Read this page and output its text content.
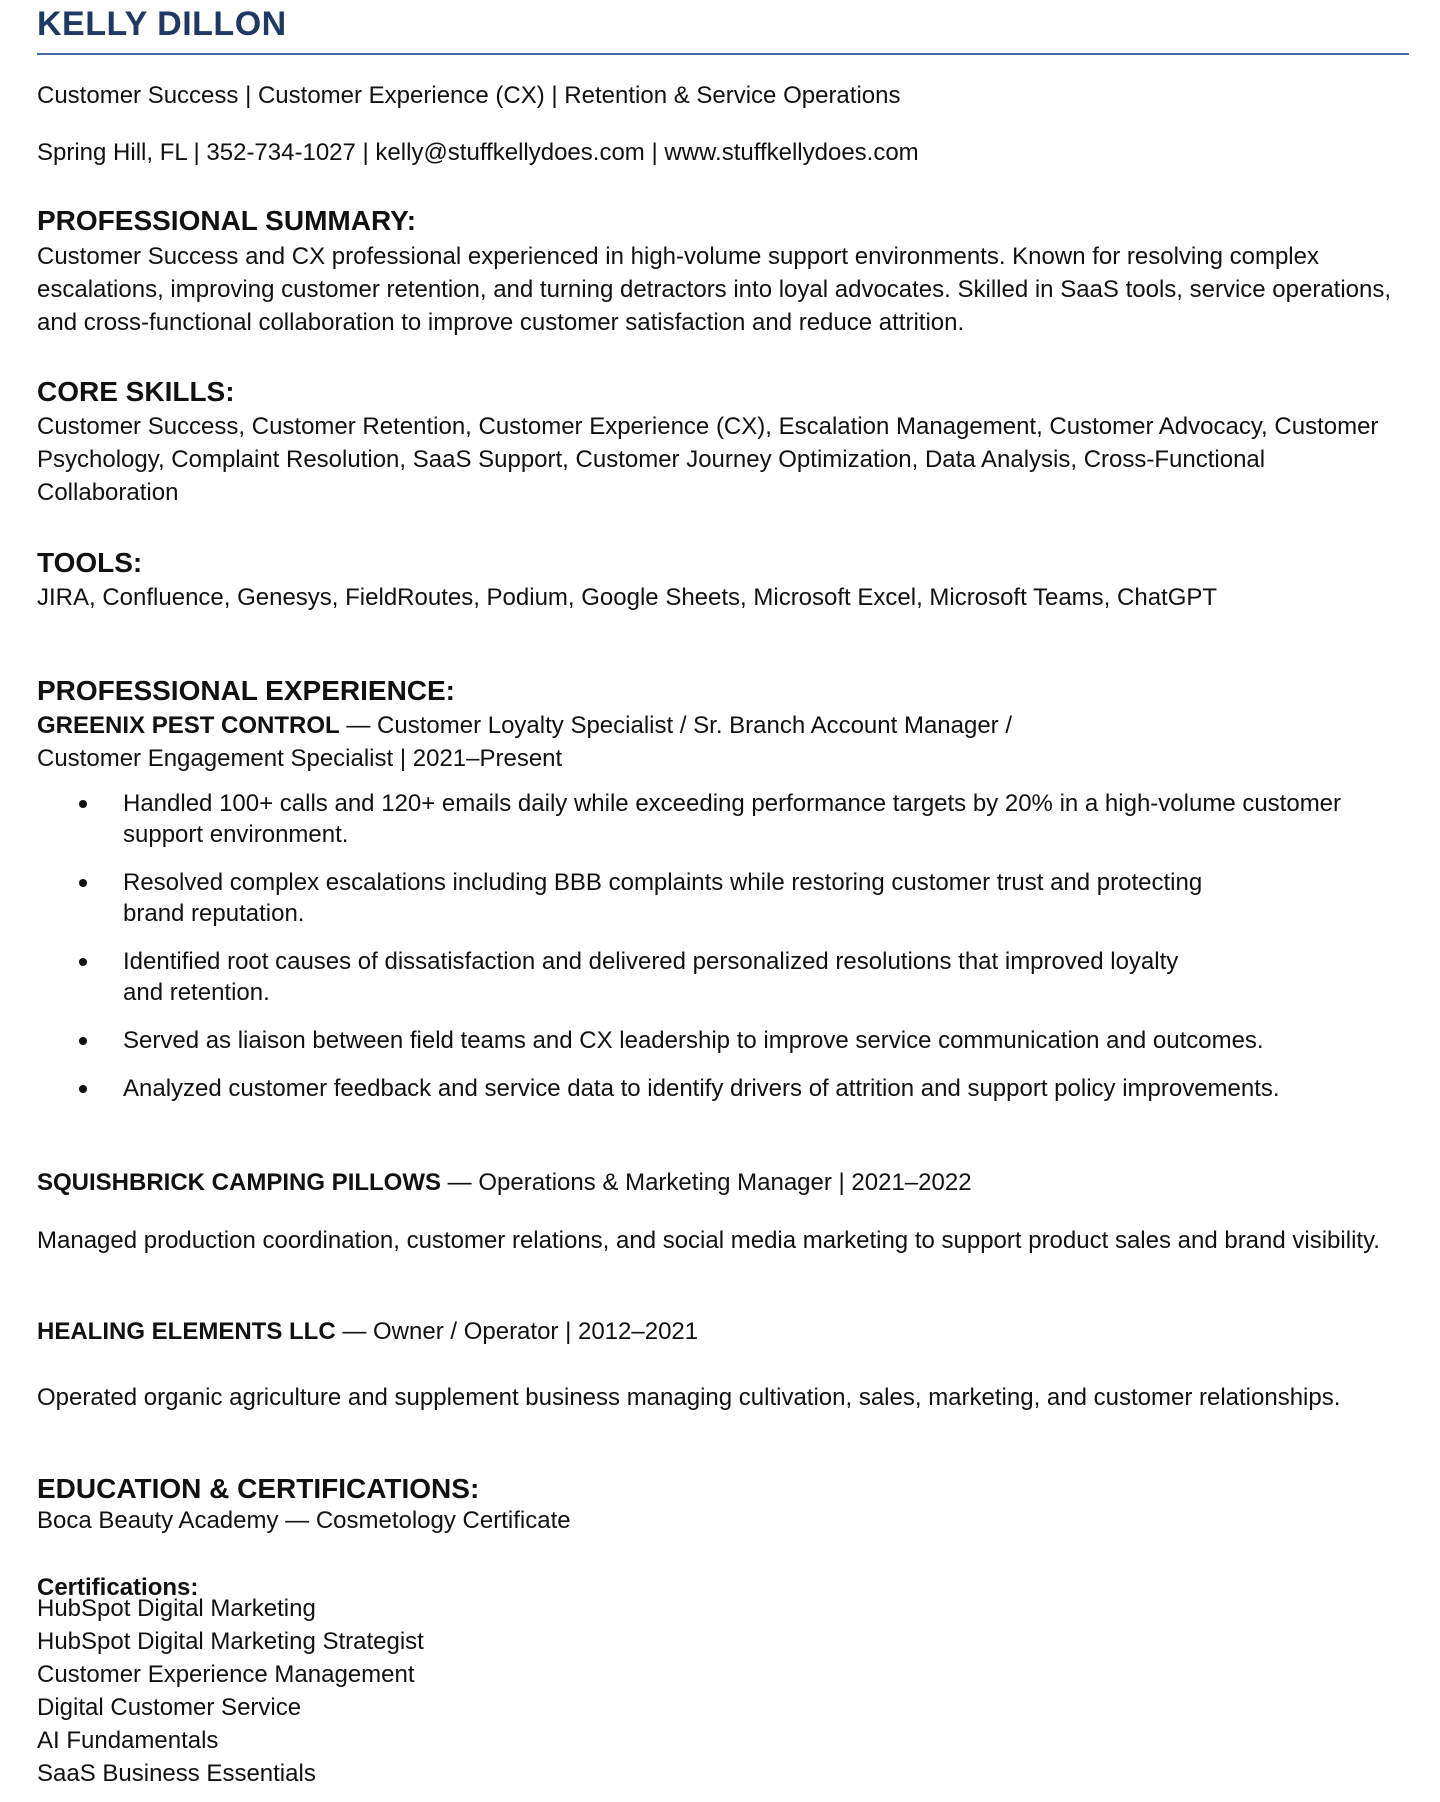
KELLY DILLON

Customer Success | Customer Experience (CX) | Retention & Service Operations

Spring Hill, FL | 352-734-1027 | kelly@stuffkellydoes.com | www.stuffkellydoes.com

PROFESSIONAL SUMMARY:

Customer Success and CX professional experienced in high-volume support environments. Known for resolving complex escalations, improving customer retention, and turning detractors into loyal advocates. Skilled in SaaS tools, service operations, and cross-functional collaboration to improve customer satisfaction and reduce attrition.

CORE SKILLS:

Customer Success, Customer Retention, Customer Experience (CX), Escalation Management, Customer Advocacy, Customer Psychology, Complaint Resolution, SaaS Support, Customer Journey Optimization, Data Analysis, Cross-Functional Collaboration

TOOLS:

JIRA, Confluence, Genesys, FieldRoutes, Podium, Google Sheets, Microsoft Excel, Microsoft Teams, ChatGPT

PROFESSIONAL EXPERIENCE:

GREENIX PEST CONTROL — Customer Loyalty Specialist / Sr. Branch Account Manager / Customer Engagement Specialist | 2021–Present

Handled 100+ calls and 120+ emails daily while exceeding performance targets by 20% in a high-volume customer support environment.
Resolved complex escalations including BBB complaints while restoring customer trust and protecting brand reputation.
Identified root causes of dissatisfaction and delivered personalized resolutions that improved loyalty and retention.
Served as liaison between field teams and CX leadership to improve service communication and outcomes.
Analyzed customer feedback and service data to identify drivers of attrition and support policy improvements.

SQUISHBRICK CAMPING PILLOWS — Operations & Marketing Manager | 2021–2022

Managed production coordination, customer relations, and social media marketing to support product sales and brand visibility.

HEALING ELEMENTS LLC — Owner / Operator | 2012–2021

Operated organic agriculture and supplement business managing cultivation, sales, marketing, and customer relationships.

EDUCATION & CERTIFICATIONS:

Boca Beauty Academy — Cosmetology Certificate

Certifications:

HubSpot Digital Marketing
HubSpot Digital Marketing Strategist
Customer Experience Management
Digital Customer Service
AI Fundamentals
SaaS Business Essentials
